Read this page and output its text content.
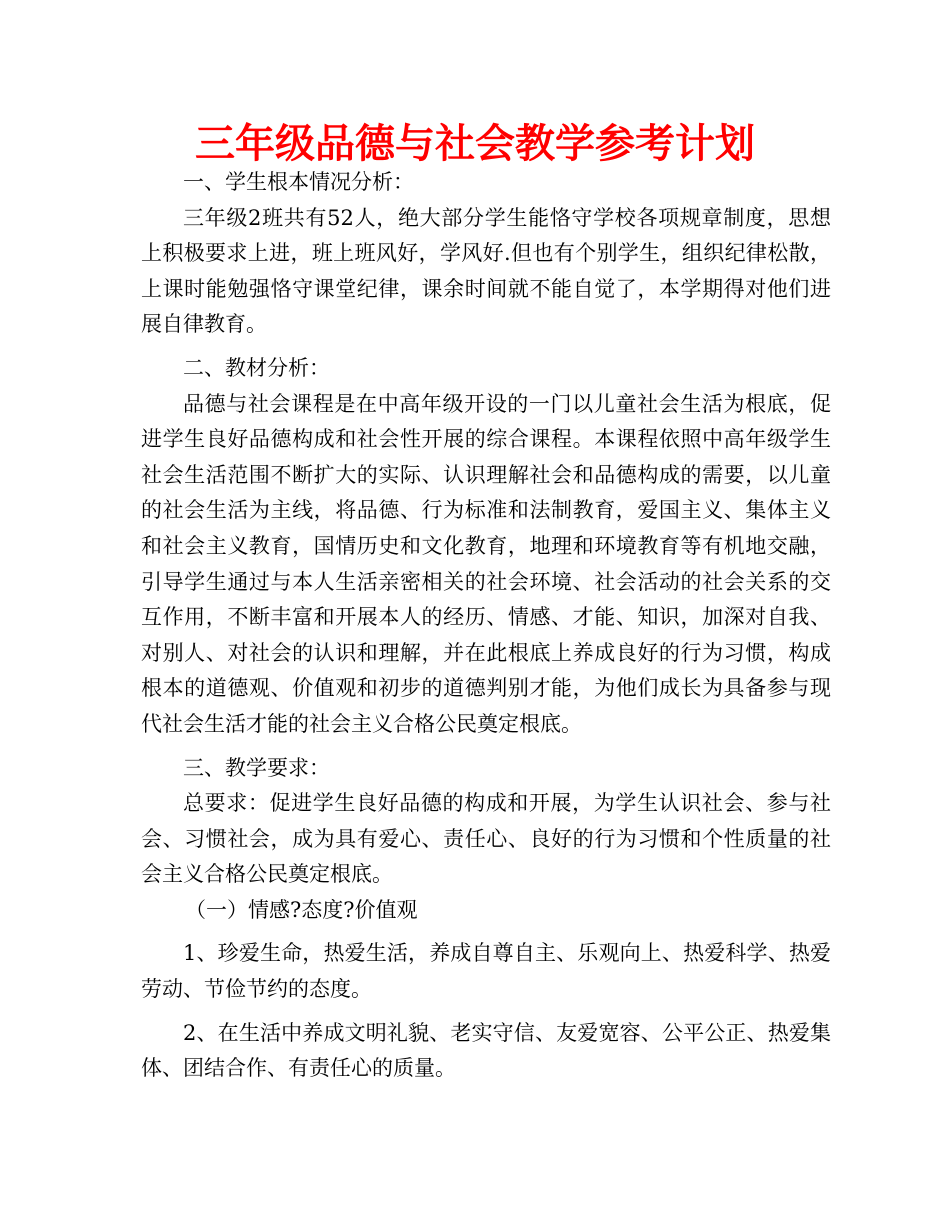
三年级品德与社会教学参考计划

一、学生根本情况分析：

三年级2班共有52人，绝大部分学生能恪守学校各项规章制度，思想上积极要求上进，班上班风好，学风好.但也有个别学生，组织纪律松散，上课时能勉强恪守课堂纪律，课余时间就不能自觉了，本学期得对他们进展自律教育。

二、教材分析：

品德与社会课程是在中高年级开设的一门以儿童社会生活为根底，促进学生良好品德构成和社会性开展的综合课程。本课程依照中高年级学生社会生活范围不断扩大的实际、认识理解社会和品德构成的需要，以儿童的社会生活为主线，将品德、行为标准和法制教育，爱国主义、集体主义和社会主义教育，国情历史和文化教育，地理和环境教育等有机地交融，引导学生通过与本人生活亲密相关的社会环境、社会活动的社会关系的交互作用，不断丰富和开展本人的经历、情感、才能、知识，加深对自我、对别人、对社会的认识和理解，并在此根底上养成良好的行为习惯，构成根本的道德观、价值观和初步的道德判别才能，为他们成长为具备参与现代社会生活才能的社会主义合格公民奠定根底。

三、教学要求：

总要求：促进学生良好品德的构成和开展，为学生认识社会、参与社会、习惯社会，成为具有爱心、责任心、良好的行为习惯和个性质量的社会主义合格公民奠定根底。

（一）情感?态度?价值观

1、珍爱生命，热爱生活，养成自尊自主、乐观向上、热爱科学、热爱劳动、节俭节约的态度。

2、在生活中养成文明礼貌、老实守信、友爱宽容、公平公正、热爱集体、团结合作、有责任心的质量。
